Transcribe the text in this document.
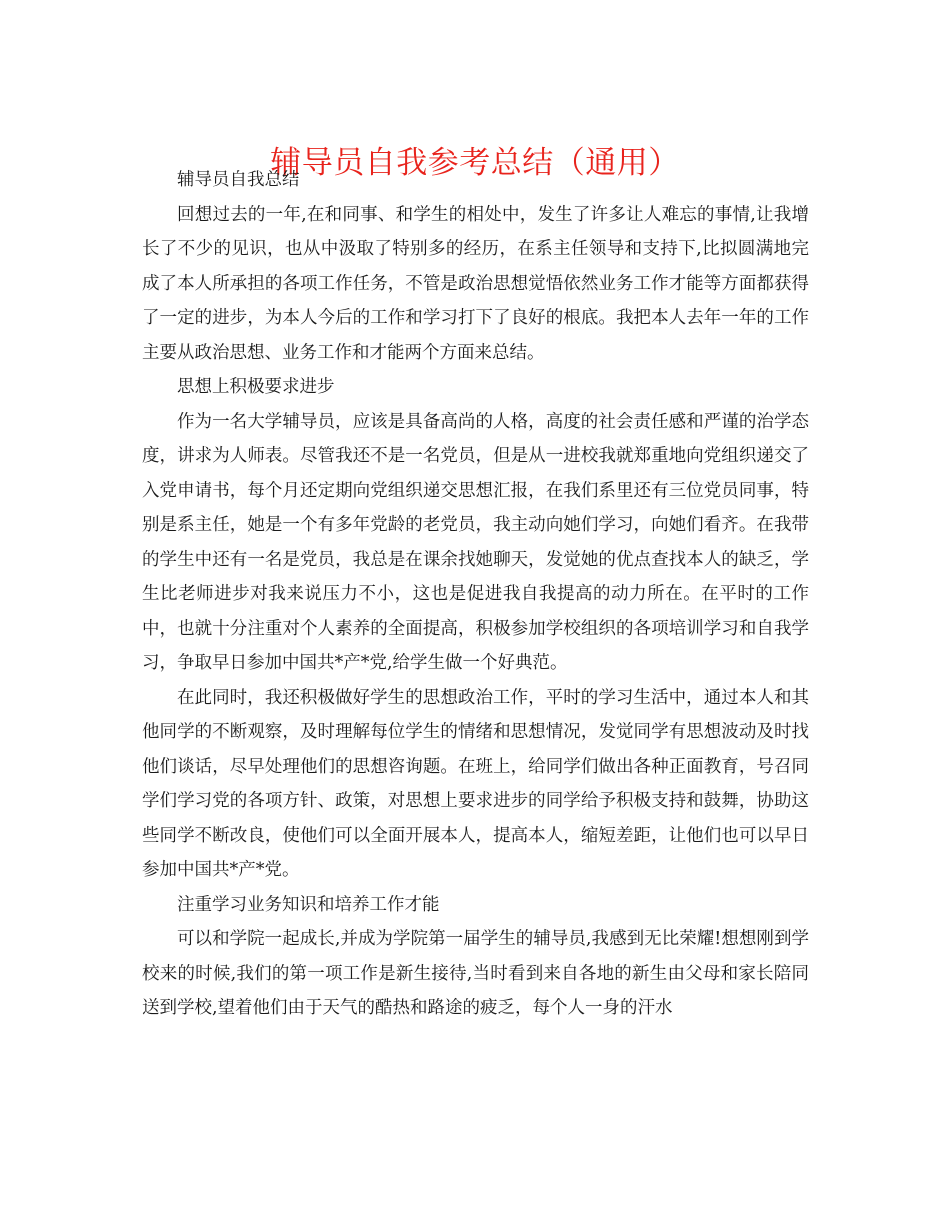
辅导员自我参考总结（通用）

辅导员自我总结

回想过去的一年,在和同事、和学生的相处中，发生了许多让人难忘的事情,让我增长了不少的见识，也从中汲取了特别多的经历，在系主任领导和支持下,比拟圆满地完成了本人所承担的各项工作任务，不管是政治思想觉悟依然业务工作才能等方面都获得了一定的进步，为本人今后的工作和学习打下了良好的根底。我把本人去年一年的工作主要从政治思想、业务工作和才能两个方面来总结。

思想上积极要求进步

作为一名大学辅导员，应该是具备高尚的人格，高度的社会责任感和严谨的治学态度，讲求为人师表。尽管我还不是一名党员，但是从一进校我就郑重地向党组织递交了入党申请书，每个月还定期向党组织递交思想汇报，在我们系里还有三位党员同事，特别是系主任，她是一个有多年党龄的老党员，我主动向她们学习，向她们看齐。在我带的学生中还有一名是党员，我总是在课余找她聊天，发觉她的优点查找本人的缺乏，学生比老师进步对我来说压力不小，这也是促进我自我提高的动力所在。在平时的工作中，也就十分注重对个人素养的全面提高，积极参加学校组织的各项培训学习和自我学习，争取早日参加中国共*产*党,给学生做一个好典范。

在此同时，我还积极做好学生的思想政治工作，平时的学习生活中，通过本人和其他同学的不断观察，及时理解每位学生的情绪和思想情况，发觉同学有思想波动及时找他们谈话，尽早处理他们的思想咨询题。在班上，给同学们做出各种正面教育，号召同学们学习党的各项方针、政策，对思想上要求进步的同学给予积极支持和鼓舞，协助这些同学不断改良，使他们可以全面开展本人，提高本人，缩短差距，让他们也可以早日参加中国共*产*党。

注重学习业务知识和培养工作才能

可以和学院一起成长,并成为学院第一届学生的辅导员,我感到无比荣耀!想想刚到学校来的时候,我们的第一项工作是新生接待,当时看到来自各地的新生由父母和家长陪同送到学校,望着他们由于天气的酷热和路途的疲乏，每个人一身的汗水
